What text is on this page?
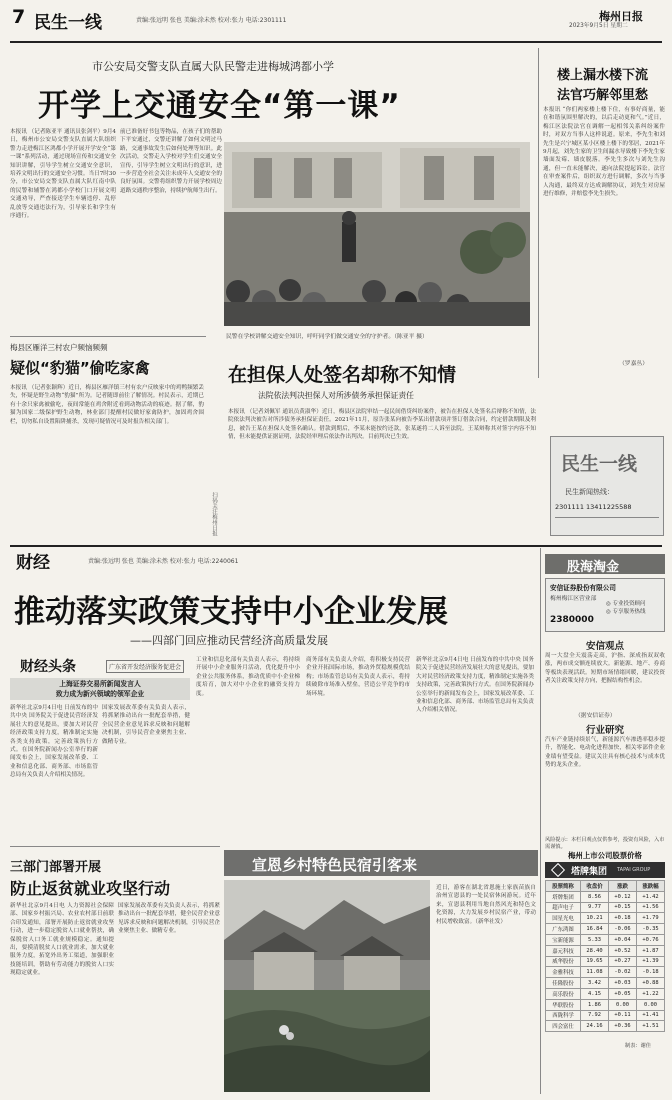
7 民生一线	责编:张远明 张也 美编:涂未然 校对:张力 电话:2301111	梅州日报
2023年9月5日 星期二
市公安局交警支队直属大队民警走进梅城鸿都小学
开学上交通安全“第一课”
本报讯 （记者陈亚平 通讯员张剑平）9月4日，梅州市公安局交警支队直属大队组织警力走进梅江区鸿都小学开展开学安全“第一课”系列活动，通过现场宣传和交通安全知识讲解，引导学生树立交通安全意识，培养文明出行的交通安全习惯。当日7时30分，市公安局交警支队直属大队红南中队的民警和辅警在鸿都小学校门口开展文明交通劝导，严查接送学生车辆违停、乱停乱放等交通违法行为，引导家长和学生有序通行。
前已准备好书包等物品，在孩子们的帮助下平安通过，交警还讲解了如何文明过马路，交通事故发生后如何处理等知识。此次活动，交警走入学校对学生们交通安全宣传，引导学生树立文明出行的意识，进一步营造全社会关注未成年人交通安全的良好氛围。交警将组织警力开展学校周边道路交通秩序整治，持续护航师生出行。
民警在学校讲解交通安全知识，呼吁同学们做交通安全的守护者。（陈亚平 摄）
楼上漏水楼下流
法官巧解邻里愁
本报讯 “你们两家楼上楼下住，有事好商量，能在和谐氛围里解决的，以后走动更和气。”近日，梅江区法院法官在调解一起相邻关系纠纷案件时，对双方当事人这样说道。原来，李先生和刘先生是兴宁城区某小区楼上楼下的邻居，2021年9月起，刘先生家的卫生间漏水导致楼下李先生家墙面发霉、墙皮脱落。李先生多次与刘先生沟通，但一直未能解决，遂向法院提起诉讼。法官在审查案件后，组织双方进行调解，多次与当事人沟通，最终双方达成调解协议，刘先生对房屋进行维修，并赔偿李先生损失。
（罗嘉丛）
梅县区雁洋三村农户频恼频频
疑似“豹猫”偷吃家禽
本报讯 （记者张颖辉）近日，梅县区雁洋镇三村有农户反映家中的鸡鸭频繁丢失，怀疑是野生动物“豹猫”所为。记者随即前往了解情况。村民表示，近期已有十余只家禽被偷吃，夜间常能在鸡舍附近看到动物活动的痕迹。据了解，豹猫为国家二级保护野生动物，林业部门提醒村民做好家禽防护，加固鸡舍围栏，切勿私自设置陷阱捕杀，发现可疑情况可及时报告相关部门。
扫码关注梅州日报
在担保人处签名却称不知情
法院依法判决担保人对所涉债务承担保证责任
本报讯 （记者刘佩军 通讯员黄淑华）近日，梅县区法院审结一起民间借贷纠纷案件，被告在担保人处签名后辩称不知情，法院依法判决被告对所涉债务承担保证责任。2021年11月，原告张某向被告李某出借款项并签订借款合同，约定借款期限及利息，被告王某在担保人处签名确认。借款到期后，李某未能按约还款，张某遂将二人诉至法院。王某辩称其对签字内容不知情，但未能提供证据证明，法院经审理后依法作出判决。目前判决已生效。
民生一线
民生新闻热线：
2301111 13411225588
财经	责编:张远明 张也 美编:涂未然 校对:张力 电话:2240061
推动落实政策支持中小企业发展
——四部门回应推动民营经济高质量发展
财经头条	广东省开发经济服务促进会
上海证券交易所新闻发言人
致力成为新兴领域的领军企业
新华社北京9月4日电 日前发布的中共中央 国务院关于促进民营经济发展壮大的意见提出，要加大对民营经济政策支持力度，精准制定实施各类支持政策，完善政策执行方式。在国务院新闻办公室举行的新闻发布会上，国家发展改革委、工业和信息化部、商务部、市场监管总局有关负责人介绍相关情况。
国家发展改革委有关负责人表示，将抓紧推动出台一批配套举措，健全民营企业意见诉求反映和问题解决机制，引导民营企业聚焦主业、做精专业。
工业和信息化部有关负责人表示，将持续开展中小企业服务月活动，优化提升中小企业公共服务体系，推动优质中小企业梯度培育，加大对中小企业的融资支持力度。
商务部有关负责人介绍，将积极支持民营企业开拓国际市场，推动外贸稳规模优结构；市场监管总局有关负责人表示，将持续破除市场准入壁垒，营造公平竞争的市场环境。
新华社北京9月4日电 日前发布的中共中央 国务院关于促进民营经济发展壮大的意见提出，要加大对民营经济政策支持力度，精准制定实施各类支持政策，完善政策执行方式。在国务院新闻办公室举行的新闻发布会上，国家发展改革委、工业和信息化部、商务部、市场监管总局有关负责人介绍相关情况。
三部门部署开展
防止返贫就业攻坚行动
新华社北京9月4日电 人力资源社会保障部、国家乡村振兴局、农业农村部日前联合印发通知，部署开展防止返贫就业攻坚行动，进一步稳定脱贫人口就业帮扶，确保脱贫人口务工就业规模稳定。通知提出，要摸清脱贫人口就业需求，加大就业服务力度，拓宽外出务工渠道，加强职业技能培训，帮助有劳动能力的脱贫人口实现稳定就业。
国家发展改革委有关负责人表示，将抓紧推动出台一批配套举措，健全民营企业意见诉求反映和问题解决机制，引导民营企业聚焦主业、做精专业。
宣恩乡村特色民宿引客来
近日，游客在湖北省恩施土家族苗族自治州宣恩县的一处民宿休闲游玩。近年来，宣恩县利用当地自然风光和特色文化资源，大力发展乡村民宿产业，带动村民增收致富。（新华社发）
股海淘金
安信证券股份有限公司
梅州梅江区营业部
◎ 专业投资顾问
◎ 专享服务热线
2380000
安信观点
周一大盘全天震荡走高，沪指、深成指双双收涨，两市成交额连续放大。新能源、地产、券商等板块表现活跃。短期市场情绪回暖，建议投资者关注政策支持方向，把握结构性机会。
（据安信证券）
行业研究
汽车产业链持续景气，新能源汽车渗透率稳步提升，智能化、电动化进程加快，相关零部件企业业绩有望受益。建议关注具有核心技术与成本优势的龙头企业。
风险提示：本栏目观点仅供参考，投资有风险，入市需谨慎。
梅州上市公司股票价格
塔牌集团 TAPAI GROUP
股票简称	收盘价	涨跌	涨跌幅
塔牌集团	8.56	+0.12	+1.42
超声电子	9.77	+0.15	+1.56
国星光电	10.21	+0.18	+1.79
广东鸿图	16.84	-0.06	-0.35
宝新能源	5.33	+0.04	+0.76
嘉元科技	28.40	+0.52	+1.87
威华股份	19.65	+0.27	+1.39
金雅科技	11.08	-0.02	-0.18
佳隆股份	3.42	+0.03	+0.88
高乐股份	4.15	+0.05	+1.22
华联股份	1.86	0.00	0.00
西陇科学	7.92	+0.11	+1.41
四会富仕	24.16	+0.36	+1.51
制表：谢佳
